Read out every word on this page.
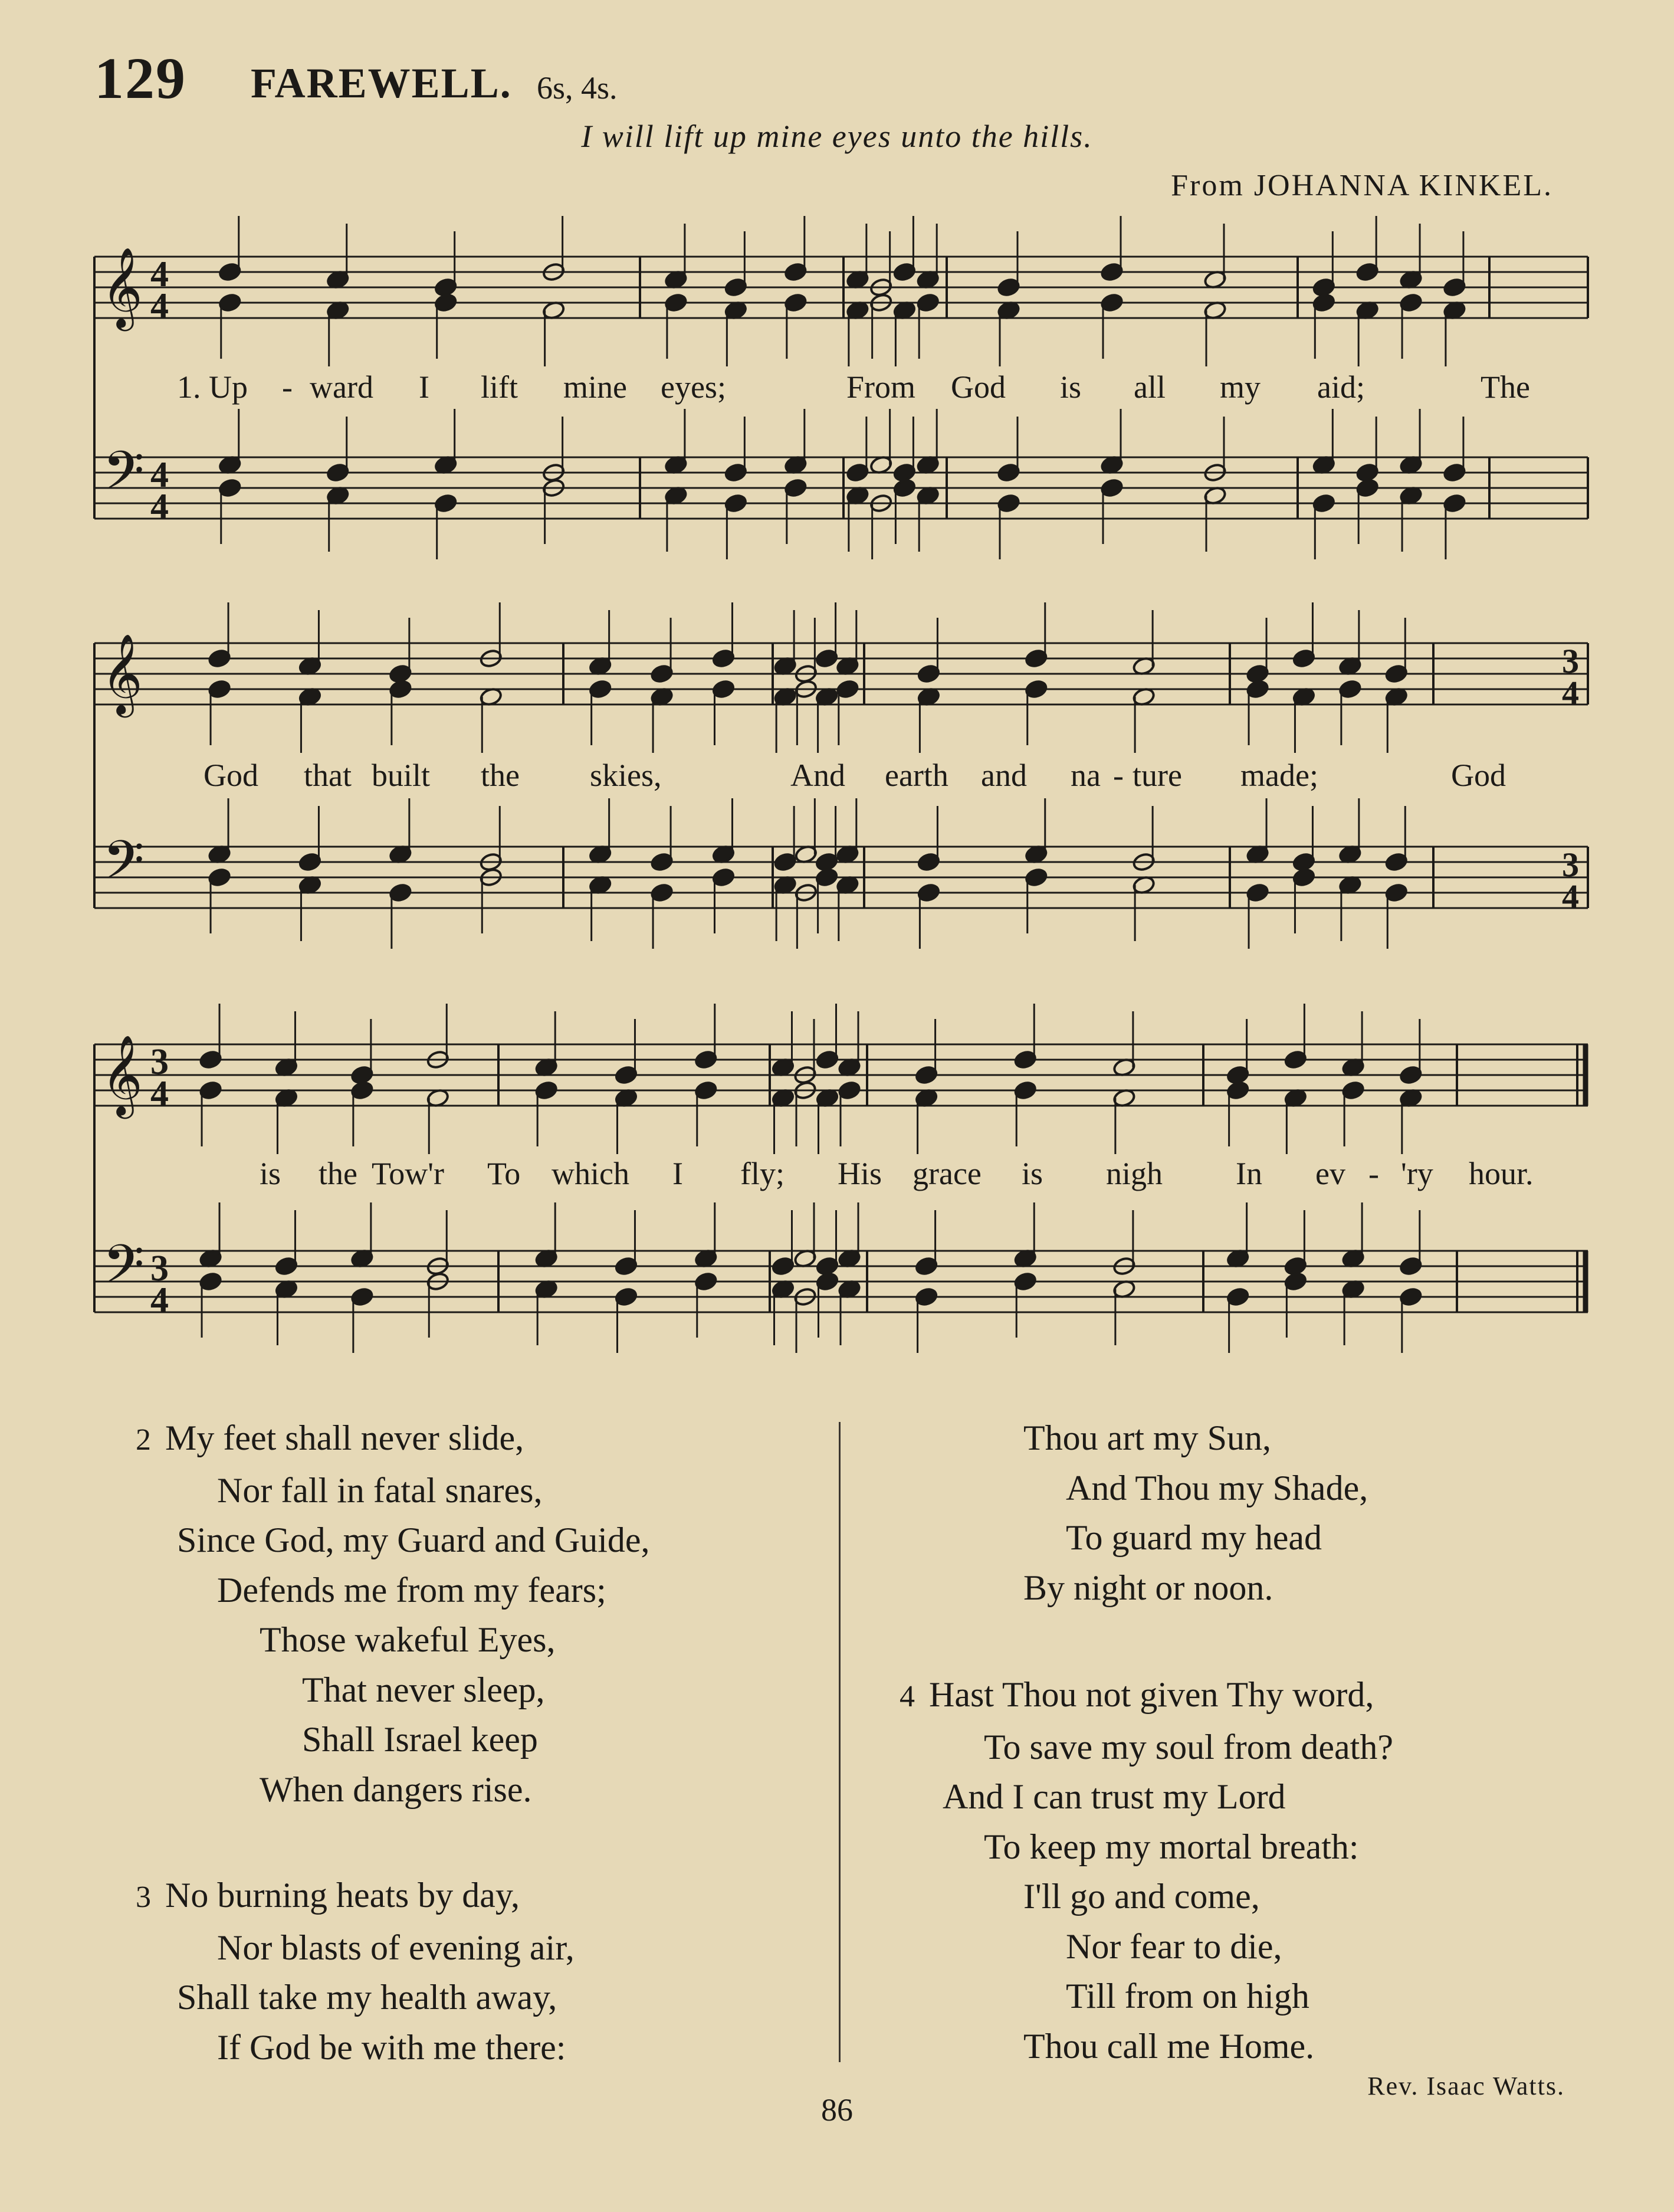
129 FAREWELL. 6s, 4s.
I will lift up mine eyes unto the hills.
From JOHANNA KINKEL.
𝄞
𝄢
4
4
4
4
𝄞
𝄢
3
4
3
4
𝄞
𝄢
3
4
3
4
1. Up - ward I lift mine eyes;	From God is all my aid;	The
God that built the skies,	And earth and na - ture made;	God
is the Tow'r To which I fly; His grace is nigh In ev - 'ry hour.
2 My feet shall never slide,
Nor fall in fatal snares,
Since God, my Guard and Guide,
Defends me from my fears;
Those wakeful Eyes,
That never sleep,
Shall Israel keep
When dangers rise.
3 No burning heats by day,
Nor blasts of evening air,
Shall take my health away,
If God be with me there:
Thou art my Sun,
And Thou my Shade,
To guard my head
By night or noon.
4 Hast Thou not given Thy word,
To save my soul from death?
And I can trust my Lord
To keep my mortal breath:
I'll go and come,
Nor fear to die,
Till from on high
Thou call me Home.
Rev. Isaac Watts.
86
